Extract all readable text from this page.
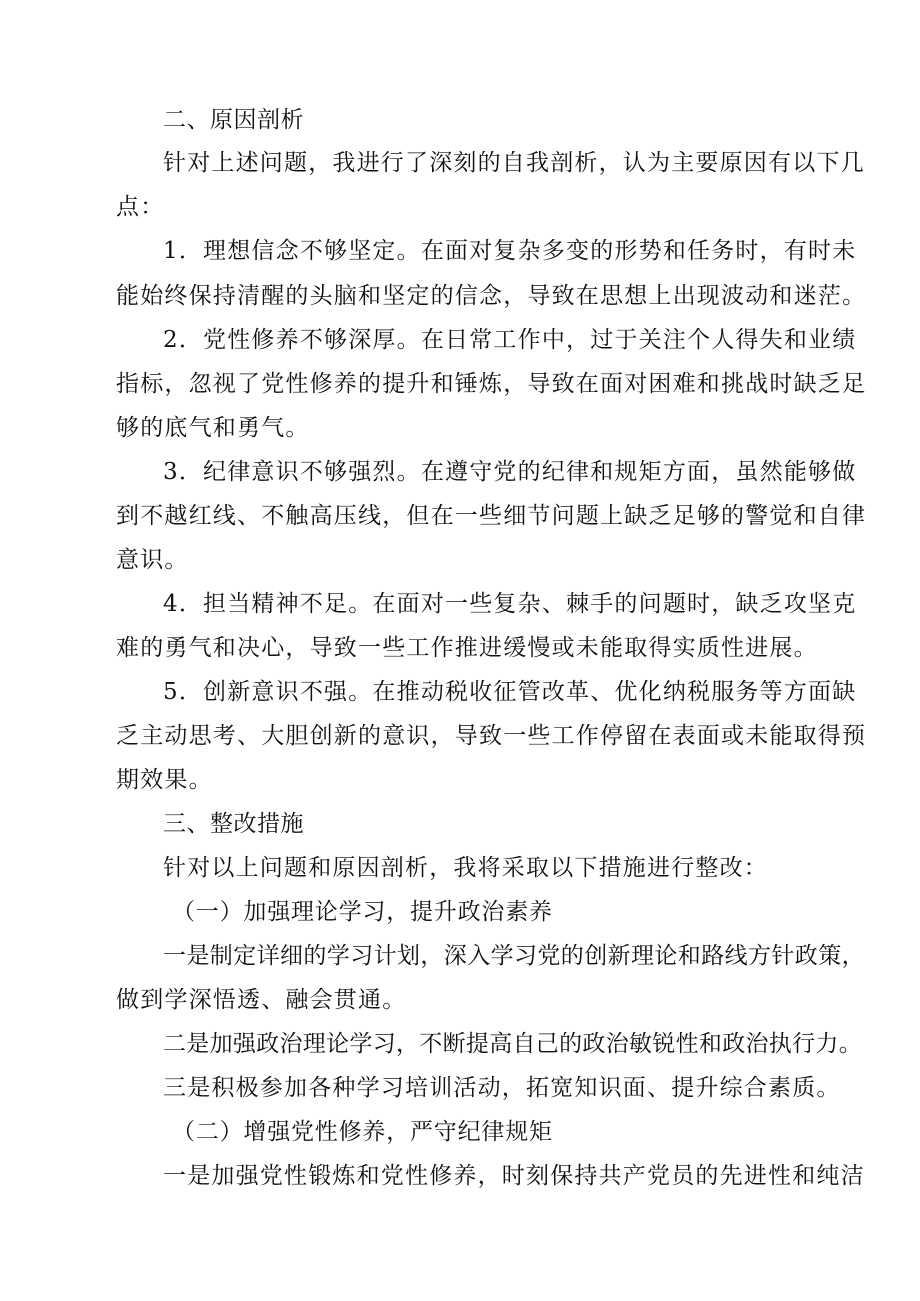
二、原因剖析
针对上述问题，我进行了深刻的自我剖析，认为主要原因有以下几
点：
1．理想信念不够坚定。在面对复杂多变的形势和任务时，有时未
能始终保持清醒的头脑和坚定的信念，导致在思想上出现波动和迷茫。
2．党性修养不够深厚。在日常工作中，过于关注个人得失和业绩
指标，忽视了党性修养的提升和锤炼，导致在面对困难和挑战时缺乏足
够的底气和勇气。
3．纪律意识不够强烈。在遵守党的纪律和规矩方面，虽然能够做
到不越红线、不触高压线，但在一些细节问题上缺乏足够的警觉和自律
意识。
4．担当精神不足。在面对一些复杂、棘手的问题时，缺乏攻坚克
难的勇气和决心，导致一些工作推进缓慢或未能取得实质性进展。
5．创新意识不强。在推动税收征管改革、优化纳税服务等方面缺
乏主动思考、大胆创新的意识，导致一些工作停留在表面或未能取得预
期效果。
三、整改措施
针对以上问题和原因剖析，我将采取以下措施进行整改：
（一）加强理论学习，提升政治素养
一是制定详细的学习计划，深入学习党的创新理论和路线方针政策，
做到学深悟透、融会贯通。
二是加强政治理论学习，不断提高自己的政治敏锐性和政治执行力。
三是积极参加各种学习培训活动，拓宽知识面、提升综合素质。
（二）增强党性修养，严守纪律规矩
一是加强党性锻炼和党性修养，时刻保持共产党员的先进性和纯洁
